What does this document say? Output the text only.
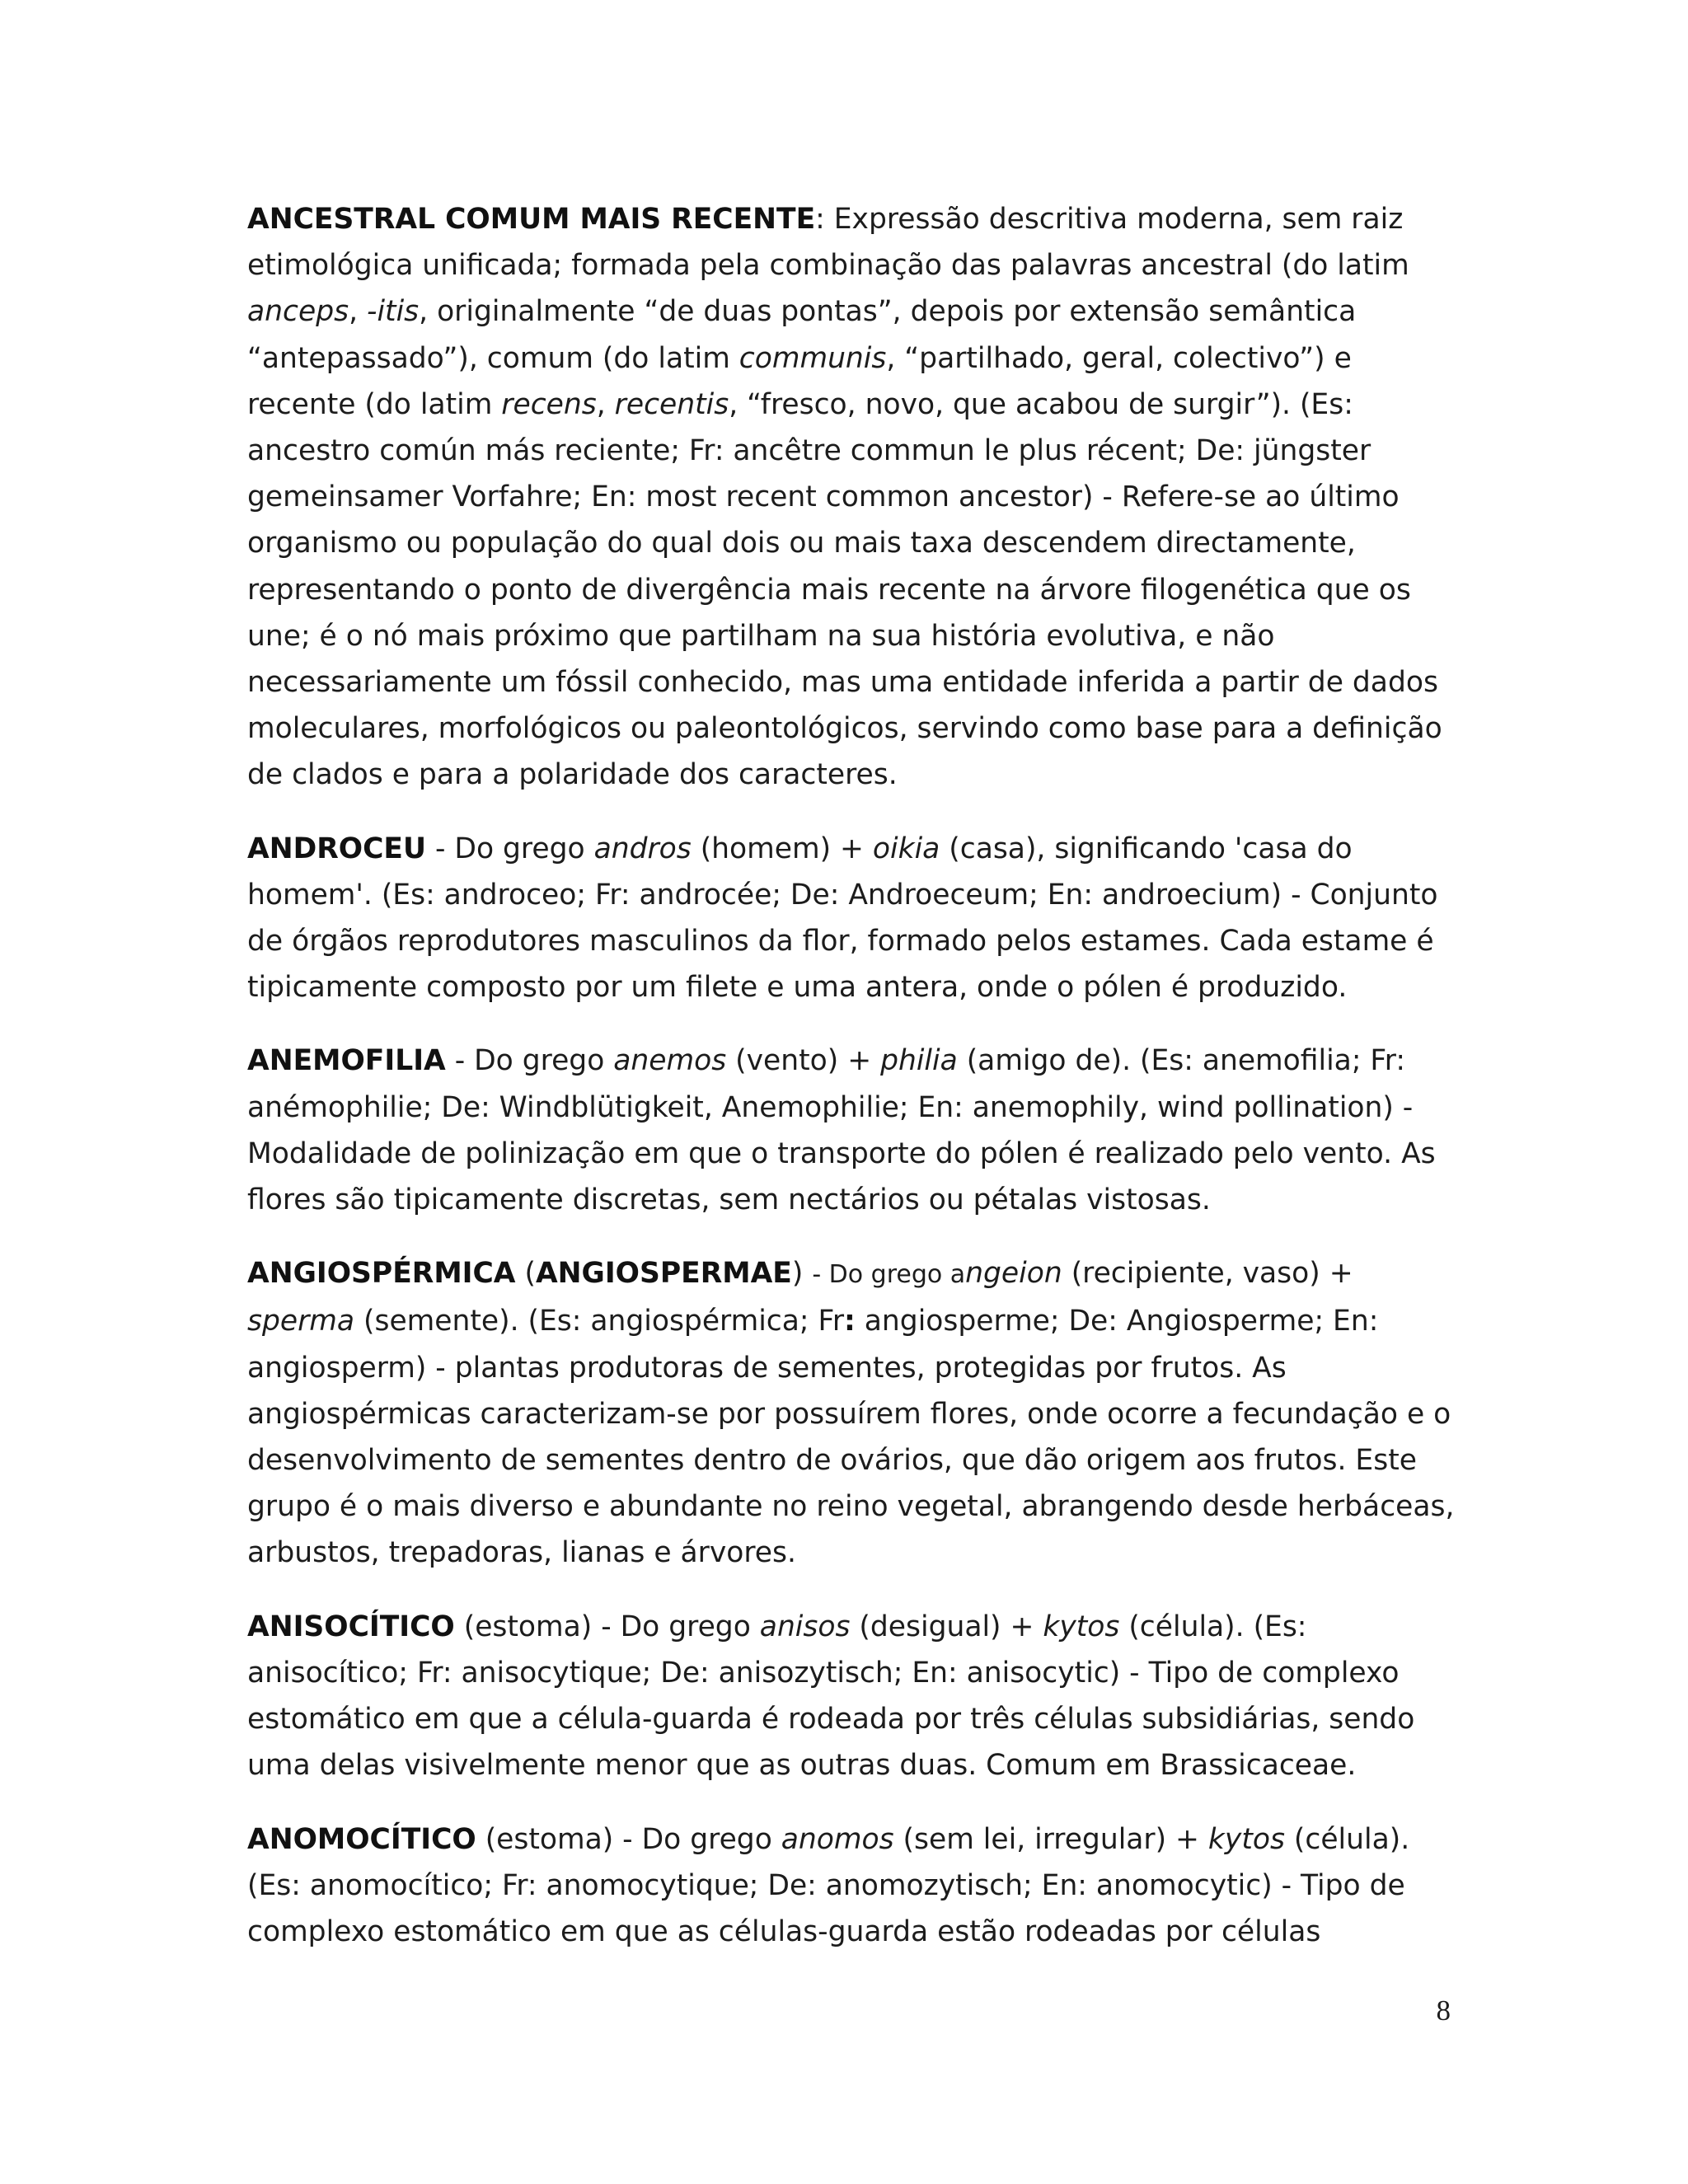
ANCESTRAL COMUM MAIS RECENTE: Expressão descritiva moderna, sem raiz etimológica unificada; formada pela combinação das palavras ancestral (do latim anceps, -itis, originalmente “de duas pontas”, depois por extensão semântica “antepassado”), comum (do latim communis, “partilhado, geral, colectivo”) e recente (do latim recens, recentis, “fresco, novo, que acabou de surgir”). (Es: ancestro común más reciente; Fr: ancêtre commun le plus récent; De: jüngster gemeinsamer Vorfahre; En: most recent common ancestor) - Refere-se ao último organismo ou população do qual dois ou mais taxa descendem directamente, representando o ponto de divergência mais recente na árvore filogenética que os une; é o nó mais próximo que partilham na sua história evolutiva, e não necessariamente um fóssil conhecido, mas uma entidade inferida a partir de dados moleculares, morfológicos ou paleontológicos, servindo como base para a definição de clados e para a polaridade dos caracteres.

ANDROCEU - Do grego andros (homem) + oikia (casa), significando 'casa do homem'. (Es: androceo; Fr: androcée; De: Androeceum; En: androecium) - Conjunto de órgãos reprodutores masculinos da flor, formado pelos estames. Cada estame é tipicamente composto por um filete e uma antera, onde o pólen é produzido.

ANEMOFILIA - Do grego anemos (vento) + philia (amigo de). (Es: anemofilia; Fr: anémophilie; De: Windblütigkeit, Anemophilie; En: anemophily, wind pollination) - Modalidade de polinização em que o transporte do pólen é realizado pelo vento. As flores são tipicamente discretas, sem nectários ou pétalas vistosas.

ANGIOSPÉRMICA (ANGIOSPERMAE) - Do grego angeion (recipiente, vaso) + sperma (semente). (Es: angiospérmica; Fr: angiosperme; De: Angiosperme; En: angiosperm) - plantas produtoras de sementes, protegidas por frutos. As angiospérmicas caracterizam-se por possuírem flores, onde ocorre a fecundação e o desenvolvimento de sementes dentro de ovários, que dão origem aos frutos. Este grupo é o mais diverso e abundante no reino vegetal, abrangendo desde herbáceas, arbustos, trepadoras, lianas e árvores.

ANISOCÍTICO (estoma) - Do grego anisos (desigual) + kytos (célula). (Es: anisocítico; Fr: anisocytique; De: anisozytisch; En: anisocytic) - Tipo de complexo estomático em que a célula-guarda é rodeada por três células subsidiárias, sendo uma delas visivelmente menor que as outras duas. Comum em Brassicaceae.

ANOMOCÍTICO (estoma) - Do grego anomos (sem lei, irregular) + kytos (célula). (Es: anomocítico; Fr: anomocytique; De: anomozytisch; En: anomocytic) - Tipo de complexo estomático em que as células-guarda estão rodeadas por células

8
